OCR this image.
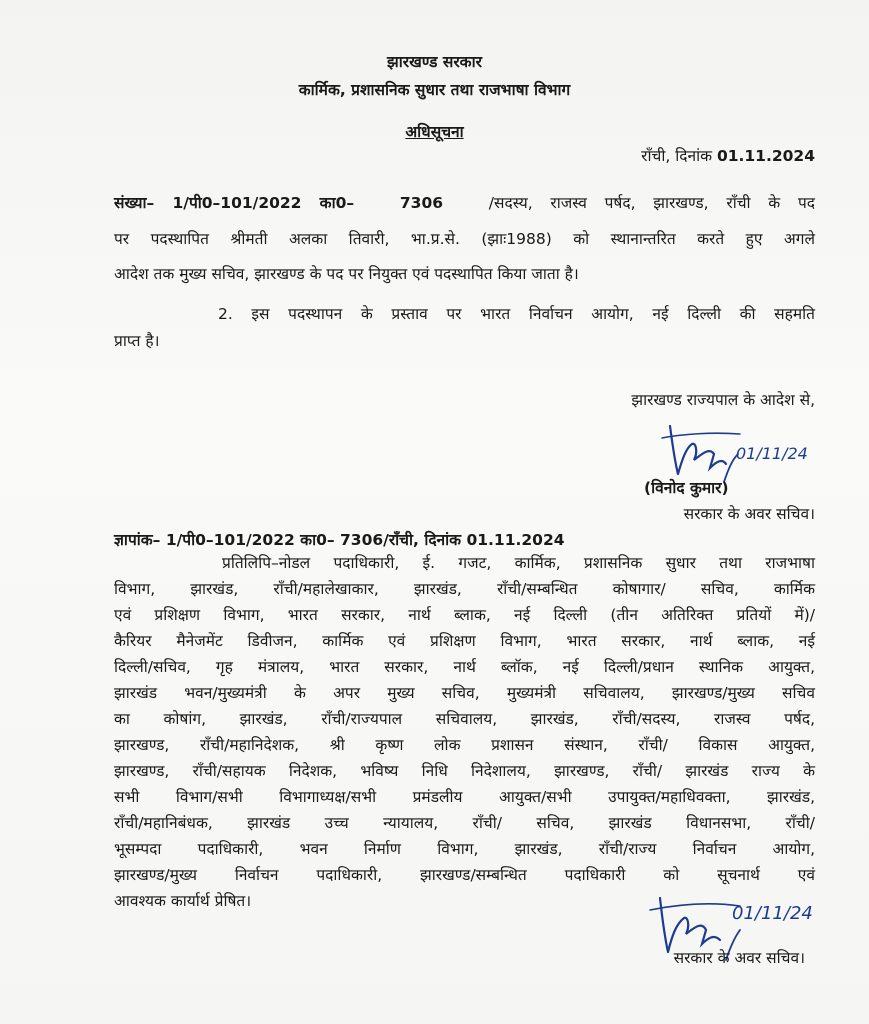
झारखण्ड सरकार
कार्मिक, प्रशासनिक सुधार तथा राजभाषा विभाग
अधिसूचना
राँची, दिनांक 01.11.2024
संख्या– 1/पी0–101/2022 का0–	7306	/सदस्य, राजस्व पर्षद, झारखण्ड, राँची के पद
पर पदस्थापित श्रीमती अलका तिवारी, भा.प्र.से. (झाः1988) को स्थानान्तरित करते हुए अगले
आदेश तक मुख्य सचिव, झारखण्ड के पद पर नियुक्त एवं पदस्थापित किया जाता है।
2. इस पदस्थापन के प्रस्ताव पर भारत निर्वाचन आयोग, नई दिल्ली की सहमति
प्राप्त है।
झारखण्ड राज्यपाल के आदेश से,
01/11/24
(विनोद कुमार)
सरकार के अवर सचिव।
ज्ञापांक– 1/पी0–101/2022 का0– 7306/राँची, दिनांक 01.11.2024
प्रतिलिपि–नोडल पदाधिकारी, ई. गजट, कार्मिक, प्रशासनिक सुधार तथा राजभाषा
विभाग, झारखंड, राँची/महालेखाकार, झारखंड, राँची/सम्बन्धित कोषागार/ सचिव, कार्मिक
एवं प्रशिक्षण विभाग, भारत सरकार, नार्थ ब्लाक, नई दिल्ली (तीन अतिरिक्त प्रतियों में)/
कैरियर मैनेजमेंट डिवीजन, कार्मिक एवं प्रशिक्षण विभाग, भारत सरकार, नार्थ ब्लाक, नई
दिल्ली/सचिव, गृह मंत्रालय, भारत सरकार, नार्थ ब्लॉक, नई दिल्ली/प्रधान स्थानिक आयुक्त,
झारखंड भवन/मुख्यमंत्री के अपर मुख्य सचिव, मुख्यमंत्री सचिवालय, झारखण्ड/मुख्य सचिव
का कोषांग, झारखंड, राँची/राज्यपाल सचिवालय, झारखंड, राँची/सदस्य, राजस्व पर्षद,
झारखण्ड, राँची/महानिदेशक, श्री कृष्ण लोक प्रशासन संस्थान, राँची/ विकास आयुक्त,
झारखण्ड, राँची/सहायक निदेशक, भविष्य निधि निदेशालय, झारखण्ड, राँची/ झारखंड राज्य के
सभी विभाग/सभी विभागाध्यक्ष/सभी प्रमंडलीय आयुक्त/सभी उपायुक्त/महाधिवक्ता, झारखंड,
राँची/महानिबंधक, झारखंड उच्च न्यायालय, राँची/ सचिव, झारखंड विधानसभा, राँची/
भूसम्पदा पदाधिकारी, भवन निर्माण विभाग, झारखंड, राँची/राज्य निर्वाचन आयोग,
झारखण्ड/मुख्य निर्वाचन पदाधिकारी, झारखण्ड/सम्बन्धित पदाधिकारी को सूचनार्थ एवं
आवश्यक कार्यार्थ प्रेषित।
01/11/24
सरकार के अवर सचिव।
